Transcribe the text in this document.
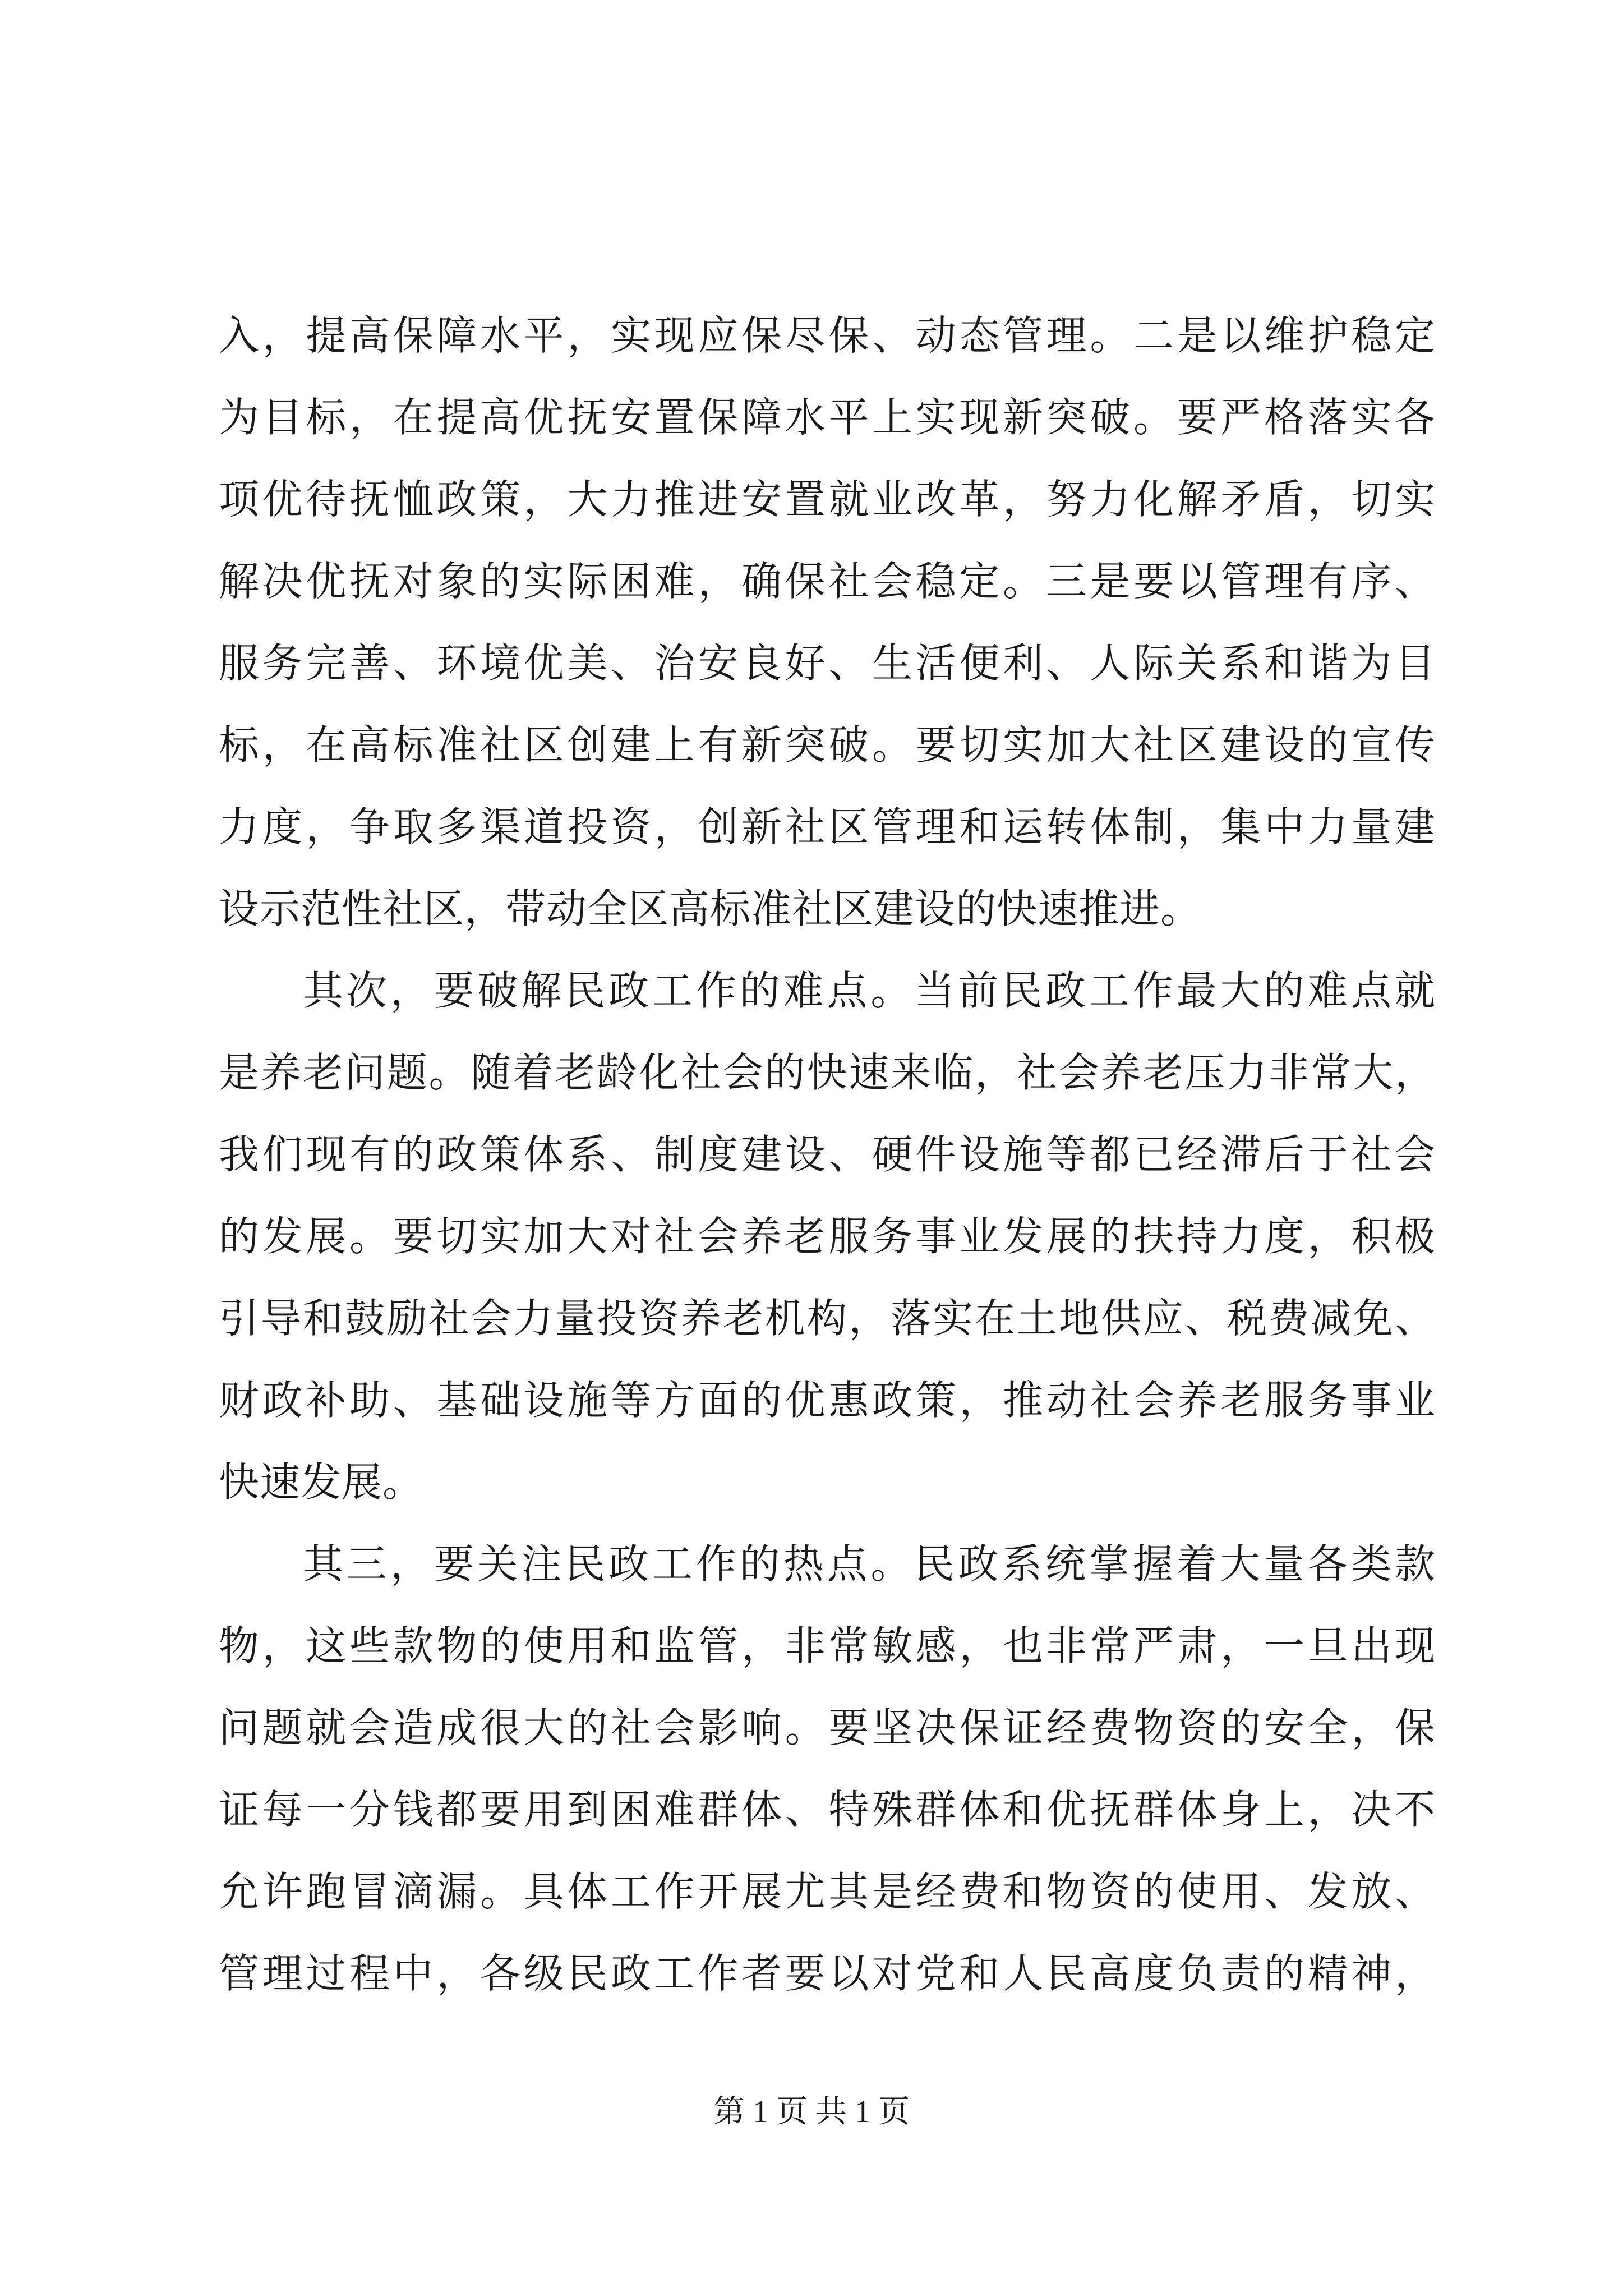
入，提高保障水平，实现应保尽保、动态管理。二是以维护稳定
为目标，在提高优抚安置保障水平上实现新突破。要严格落实各
项优待抚恤政策，大力推进安置就业改革，努力化解矛盾，切实
解决优抚对象的实际困难，确保社会稳定。三是要以管理有序、
服务完善、环境优美、治安良好、生活便利、人际关系和谐为目
标，在高标准社区创建上有新突破。要切实加大社区建设的宣传
力度，争取多渠道投资，创新社区管理和运转体制，集中力量建
设示范性社区，带动全区高标准社区建设的快速推进。
其次，要破解民政工作的难点。当前民政工作最大的难点就
是养老问题。随着老龄化社会的快速来临，社会养老压力非常大，
我们现有的政策体系、制度建设、硬件设施等都已经滞后于社会
的发展。要切实加大对社会养老服务事业发展的扶持力度，积极
引导和鼓励社会力量投资养老机构，落实在土地供应、税费减免、
财政补助、基础设施等方面的优惠政策，推动社会养老服务事业
快速发展。
其三，要关注民政工作的热点。民政系统掌握着大量各类款
物，这些款物的使用和监管，非常敏感，也非常严肃，一旦出现
问题就会造成很大的社会影响。要坚决保证经费物资的安全，保
证每一分钱都要用到困难群体、特殊群体和优抚群体身上，决不
允许跑冒滴漏。具体工作开展尤其是经费和物资的使用、发放、
管理过程中，各级民政工作者要以对党和人民高度负责的精神，
第 1 页 共 1 页
